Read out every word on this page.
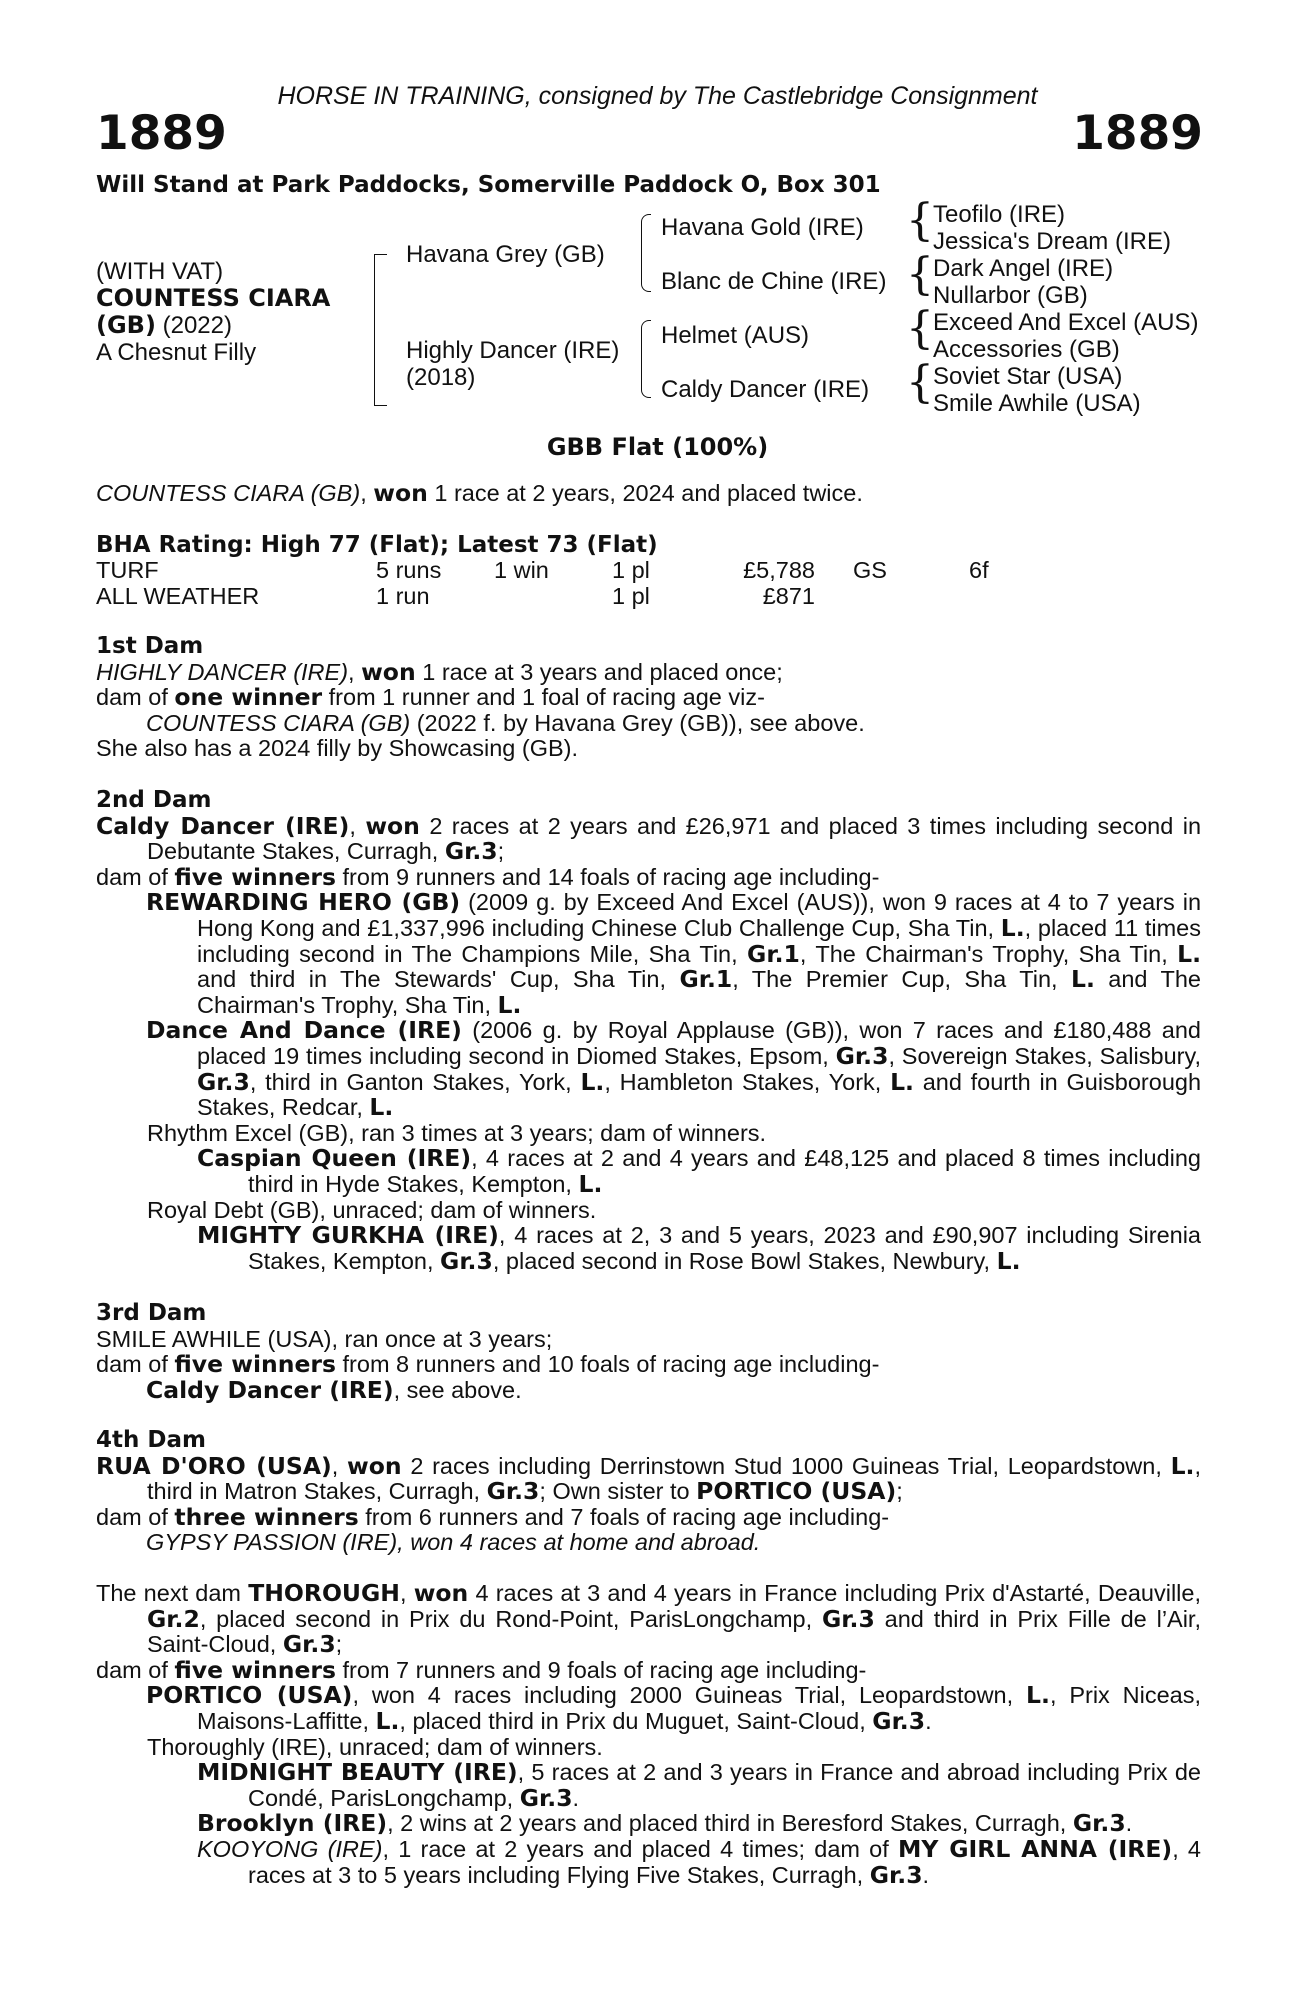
HORSE IN TRAINING, consigned by The Castlebridge Consignment
1889	1889
Will Stand at Park Paddocks, Somerville Paddock O, Box 301
(WITH VAT)
COUNTESS CIARA
(GB) (2022)
A Chesnut Filly
Havana Grey (GB)
Highly Dancer (IRE)
(2018)
Havana Gold (IRE)
Blanc de Chine (IRE)
Helmet (AUS)
Caldy Dancer (IRE)
{
{
{
{
Teofilo (IRE)
Jessica's Dream (IRE)
Dark Angel (IRE)
Nullarbor (GB)
Exceed And Excel (AUS)
Accessories (GB)
Soviet Star (USA)
Smile Awhile (USA)
GBB Flat (100%)

COUNTESS CIARA (GB), won 1 race at 2 years, 2024 and placed twice.

BHA Rating: High 77 (Flat); Latest 73 (Flat)
TURF	5 runs 1 win	1 pl	£5,788 GS	6f
ALL WEATHER	1 run	1 pl	£871

1st Dam

HIGHLY DANCER (IRE), won 1 race at 3 years and placed once;

dam of one winner from 1 runner and 1 foal of racing age viz-

COUNTESS CIARA (GB) (2022 f. by Havana Grey (GB)), see above.

She also has a 2024 filly by Showcasing (GB).

2nd Dam

Caldy Dancer (IRE), won 2 races at 2 years and £26,971 and placed 3 times including second in Debutante Stakes, Curragh, Gr.3;

dam of five winners from 9 runners and 14 foals of racing age including-

REWARDING HERO (GB) (2009 g. by Exceed And Excel (AUS)), won 9 races at 4 to 7 years in Hong Kong and £1,337,996 including Chinese Club Challenge Cup, Sha Tin, L., placed 11 times including second in The Champions Mile, Sha Tin, Gr.1, The Chairman's Trophy, Sha Tin, L. and third in The Stewards' Cup, Sha Tin, Gr.1, The Premier Cup, Sha Tin, L. and The Chairman's Trophy, Sha Tin, L.

Dance And Dance (IRE) (2006 g. by Royal Applause (GB)), won 7 races and £180,488 and placed 19 times including second in Diomed Stakes, Epsom, Gr.3, Sovereign Stakes, Salisbury, Gr.3, third in Ganton Stakes, York, L., Hambleton Stakes, York, L. and fourth in Guisborough Stakes, Redcar, L.

Rhythm Excel (GB), ran 3 times at 3 years; dam of winners.

Caspian Queen (IRE), 4 races at 2 and 4 years and £48,125 and placed 8 times including third in Hyde Stakes, Kempton, L.

Royal Debt (GB), unraced; dam of winners.

MIGHTY GURKHA (IRE), 4 races at 2, 3 and 5 years, 2023 and £90,907 including Sirenia Stakes, Kempton, Gr.3, placed second in Rose Bowl Stakes, Newbury, L.

3rd Dam

SMILE AWHILE (USA), ran once at 3 years;

dam of five winners from 8 runners and 10 foals of racing age including-

Caldy Dancer (IRE), see above.

4th Dam

RUA D'ORO (USA), won 2 races including Derrinstown Stud 1000 Guineas Trial, Leopardstown, L., third in Matron Stakes, Curragh, Gr.3; Own sister to PORTICO (USA);

dam of three winners from 6 runners and 7 foals of racing age including-

GYPSY PASSION (IRE), won 4 races at home and abroad.

The next dam THOROUGH, won 4 races at 3 and 4 years in France including Prix d'Astarté, Deauville, Gr.2, placed second in Prix du Rond-Point, ParisLongchamp, Gr.3 and third in Prix Fille de l’Air, Saint-Cloud, Gr.3;

dam of five winners from 7 runners and 9 foals of racing age including-

PORTICO (USA), won 4 races including 2000 Guineas Trial, Leopardstown, L., Prix Niceas, Maisons-Laffitte, L., placed third in Prix du Muguet, Saint-Cloud, Gr.3.

Thoroughly (IRE), unraced; dam of winners.

MIDNIGHT BEAUTY (IRE), 5 races at 2 and 3 years in France and abroad including Prix de Condé, ParisLongchamp, Gr.3.

Brooklyn (IRE), 2 wins at 2 years and placed third in Beresford Stakes, Curragh, Gr.3.

KOOYONG (IRE), 1 race at 2 years and placed 4 times; dam of MY GIRL ANNA (IRE), 4 races at 3 to 5 years including Flying Five Stakes, Curragh, Gr.3.
